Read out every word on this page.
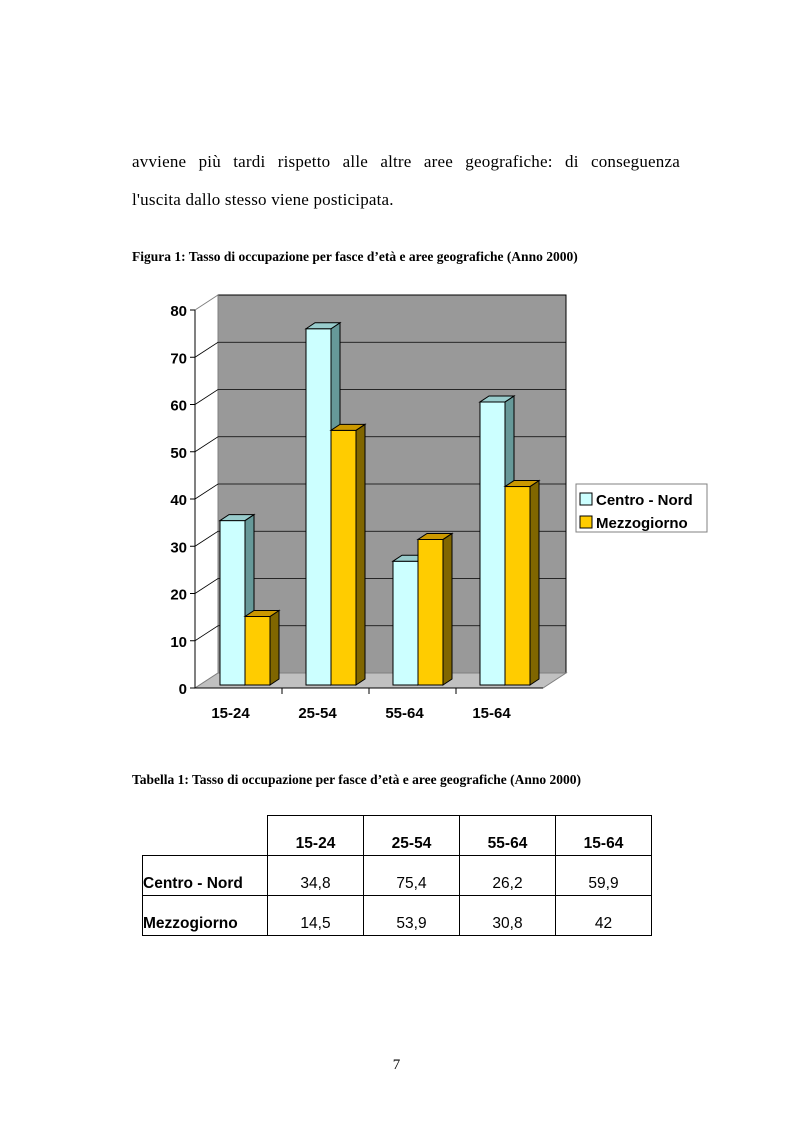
avviene più tardi rispetto alle altre aree geografiche: di conseguenza
l'uscita dallo stesso viene posticipata.
Figura 1: Tasso di occupazione per fasce d’età e aree geografiche (Anno 2000)
0
10
20
30
40
50
60
70
80
15-24	25-54	55-64	15-64
Centro - Nord
Mezzogiorno
Tabella 1: Tasso di occupazione per fasce d’età e aree geografiche (Anno 2000)
	15-24	25-54	55-64	15-64
Centro - Nord	34,8	75,4	26,2	59,9
Mezzogiorno	14,5	53,9	30,8	42
7
